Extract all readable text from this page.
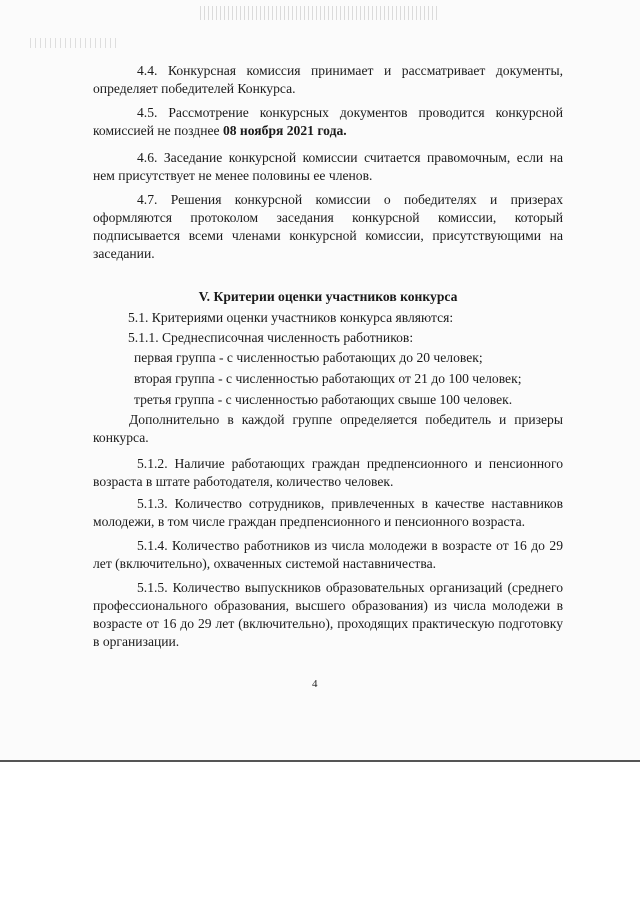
4.4. Конкурсная комиссия принимает и рассматривает документы, определяет победителей Конкурса.

4.5. Рассмотрение конкурсных документов проводится конкурсной комиссией не позднее 08 ноября 2021 года.

4.6. Заседание конкурсной комиссии считается правомочным, если на нем присутствует не менее половины ее членов.

4.7. Решения конкурсной комиссии о победителях и призерах оформляются протоколом заседания конкурсной комиссии, который подписывается всеми членами конкурсной комиссии, присутствующими на заседании.

V. Критерии оценки участников конкурса
5.1. Критериями оценки участников конкурса являются:
5.1.1. Среднесписочная численность работников:
первая группа - с численностью работающих до 20 человек;
вторая группа - с численностью работающих от 21 до 100 человек;
третья группа - с численностью работающих свыше 100 человек.

Дополнительно в каждой группе определяется победитель и призеры конкурса.

5.1.2. Наличие работающих граждан предпенсионного и пенсионного возраста в штате работодателя, количество человек.

5.1.3. Количество сотрудников, привлеченных в качестве наставников молодежи, в том числе граждан предпенсионного и пенсионного возраста.

5.1.4. Количество работников из числа молодежи в возрасте от 16 до 29 лет (включительно), охваченных системой наставничества.

5.1.5. Количество выпускников образовательных организаций (среднего профессионального образования, высшего образования) из числа молодежи в возрасте от 16 до 29 лет (включительно), проходящих практическую подготовку в организации.

4
